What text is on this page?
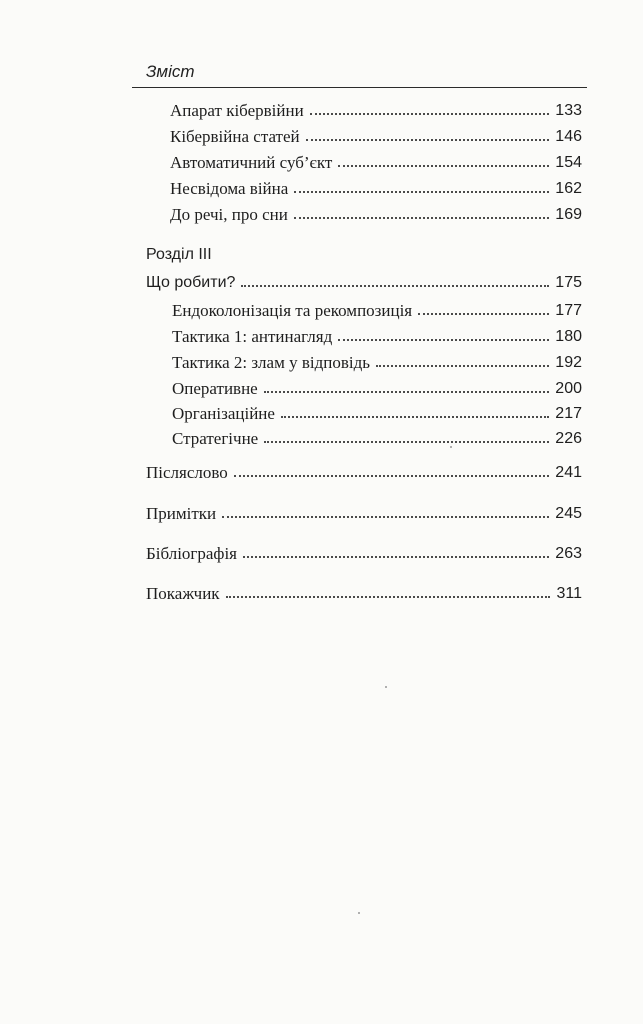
Зміст
Апарат кібервійни	133
Кібервійна статей	146
Автоматичний суб’єкт	154
Несвідома війна	162
До речі, про сни	169
Розділ III
Що робити?	175
Ендоколонізація та рекомпозиція	177
Тактика 1: антинагляд	180
Тактика 2: злам у відповідь	192
Оперативне	200
Організаційне	217
Стратегічне	226
Післяслово	241
Примітки	245
Бібліографія	263
Покажчик	311
